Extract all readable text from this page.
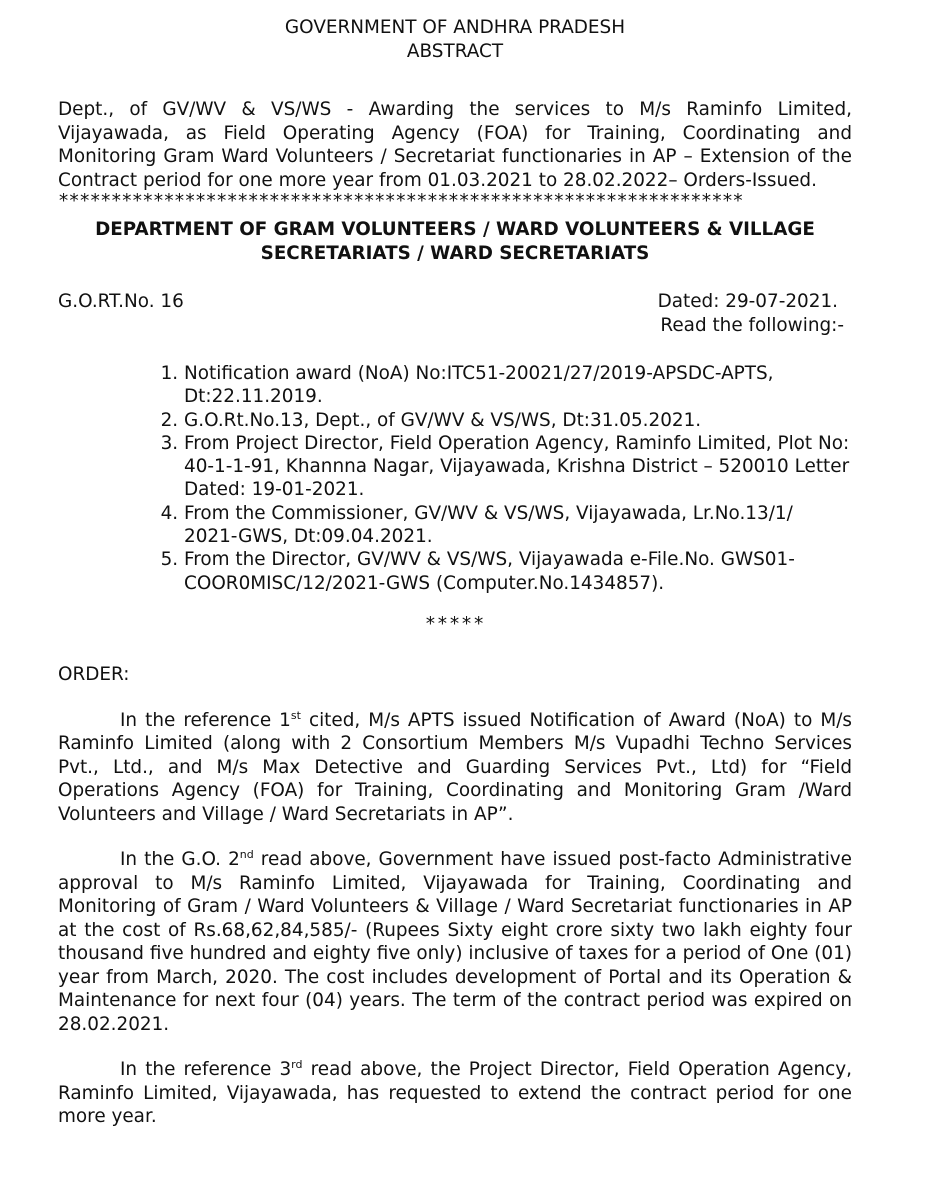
GOVERNMENT OF ANDHRA PRADESH
ABSTRACT

Dept., of GV/WV & VS/WS - Awarding the services to M/s Raminfo Limited, Vijayawada, as Field Operating Agency (FOA) for Training, Coordinating and Monitoring Gram Ward Volunteers / Secretariat functionaries in AP – Extension of the Contract period for one more year from 01.03.2021 to 28.02.2022– Orders-Issued.

*****************************************************************
DEPARTMENT OF GRAM VOLUNTEERS / WARD VOLUNTEERS & VILLAGE
SECRETARIATS / WARD SECRETARIATS
G.O.RT.No. 16	Dated: 29-07-2021.
Read the following:-
1. Notification award (NoA) No:ITC51-20021/27/2019-APSDC-APTS, Dt:22.11.2019.
2. G.O.Rt.No.13, Dept., of GV/WV & VS/WS, Dt:31.05.2021.
3. From Project Director, Field Operation Agency, Raminfo Limited, Plot No: 40-1-1-91, Khannna Nagar, Vijayawada, Krishna District – 520010 Letter Dated: 19-01-2021.
4. From the Commissioner, GV/WV & VS/WS, Vijayawada, Lr.No.13/1/ 2021-GWS, Dt:09.04.2021.
5. From the Director, GV/WV & VS/WS, Vijayawada e-File.No. GWS01-COOR0MISC/12/2021-GWS (Computer.No.1434857).
*****
ORDER:

In the reference 1st cited, M/s APTS issued Notification of Award (NoA) to M/s Raminfo Limited (along with 2 Consortium Members M/s Vupadhi Techno Services Pvt., Ltd., and M/s Max Detective and Guarding Services Pvt., Ltd) for “Field Operations Agency (FOA) for Training, Coordinating and Monitoring Gram /Ward Volunteers and Village / Ward Secretariats in AP”.

In the G.O. 2nd read above, Government have issued post-facto Administrative approval to M/s Raminfo Limited, Vijayawada for Training, Coordinating and Monitoring of Gram / Ward Volunteers & Village / Ward Secretariat functionaries in AP at the cost of Rs.68,62,84,585/- (Rupees Sixty eight crore sixty two lakh eighty four thousand five hundred and eighty five only) inclusive of taxes for a period of One (01) year from March, 2020. The cost includes development of Portal and its Operation & Maintenance for next four (04) years. The term of the contract period was expired on 28.02.2021.

In the reference 3rd read above, the Project Director, Field Operation Agency, Raminfo Limited, Vijayawada, has requested to extend the contract period for one more year.
